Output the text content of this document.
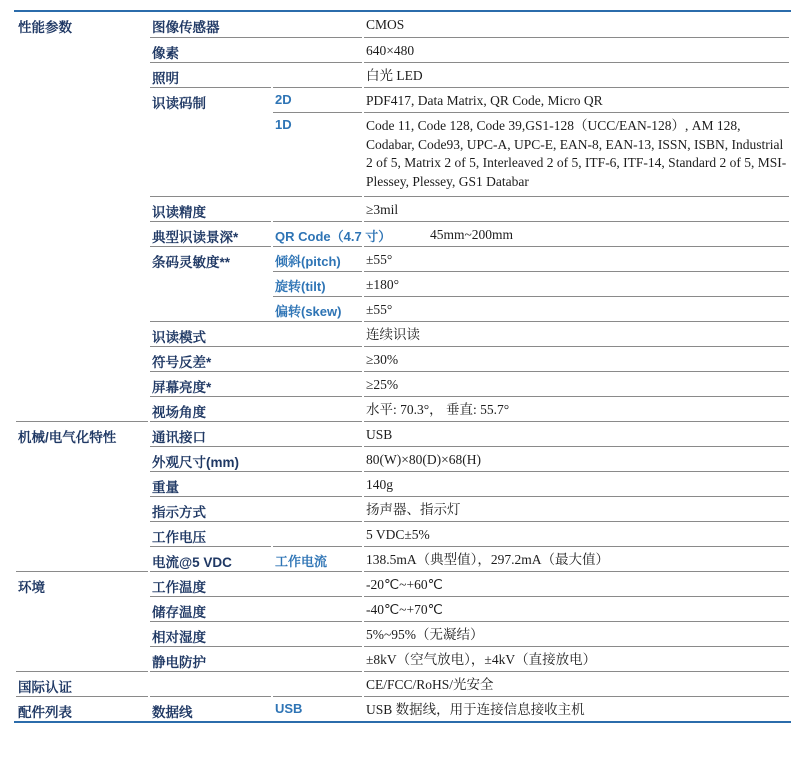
性能参数	图像传感器		CMOS
	像素		640×480
	照明		白光 LED
	识读码制	2D	PDF417, Data Matrix, QR Code, Micro QR
		1D	Code 11, Code 128, Code 39,GS1-128（UCC/EAN-128）, AM 128, Codabar, Code93, UPC-A, UPC-E, EAN-8, EAN-13, ISSN, ISBN, Industrial 2 of 5, Matrix 2 of 5, Interleaved 2 of 5, ITF-6, ITF-14, Standard 2 of 5, MSI-Plessey, Plessey, GS1 Databar
	识读精度		≥3mil
	典型识读景深*	QR Code（4.7 寸）	45mm~200mm
	条码灵敏度**	倾斜(pitch)	±55°
		旋转(tilt)	±180°
		偏转(skew)	±55°
	识读模式		连续识读
	符号反差*		≥30%
	屏幕亮度*		≥25%
	视场角度		水平: 70.3°， 垂直: 55.7°
机械/电气化特性	通讯接口		USB
	外观尺寸(mm)		80(W)×80(D)×68(H)
	重量		140g
	指示方式		扬声器、指示灯
	工作电压		5 VDC±5%
	电流@5 VDC	工作电流	138.5mA（典型值），297.2mA（最大值）
环境	工作温度		-20℃~+60℃
	储存温度		-40℃~+70℃
	相对湿度		5%~95%（无凝结）
	静电防护		±8kV（空气放电），±4kV（直接放电）
国际认证			CE/FCC/RoHS/光安全
配件列表	数据线	USB	USB 数据线，用于连接信息接收主机
